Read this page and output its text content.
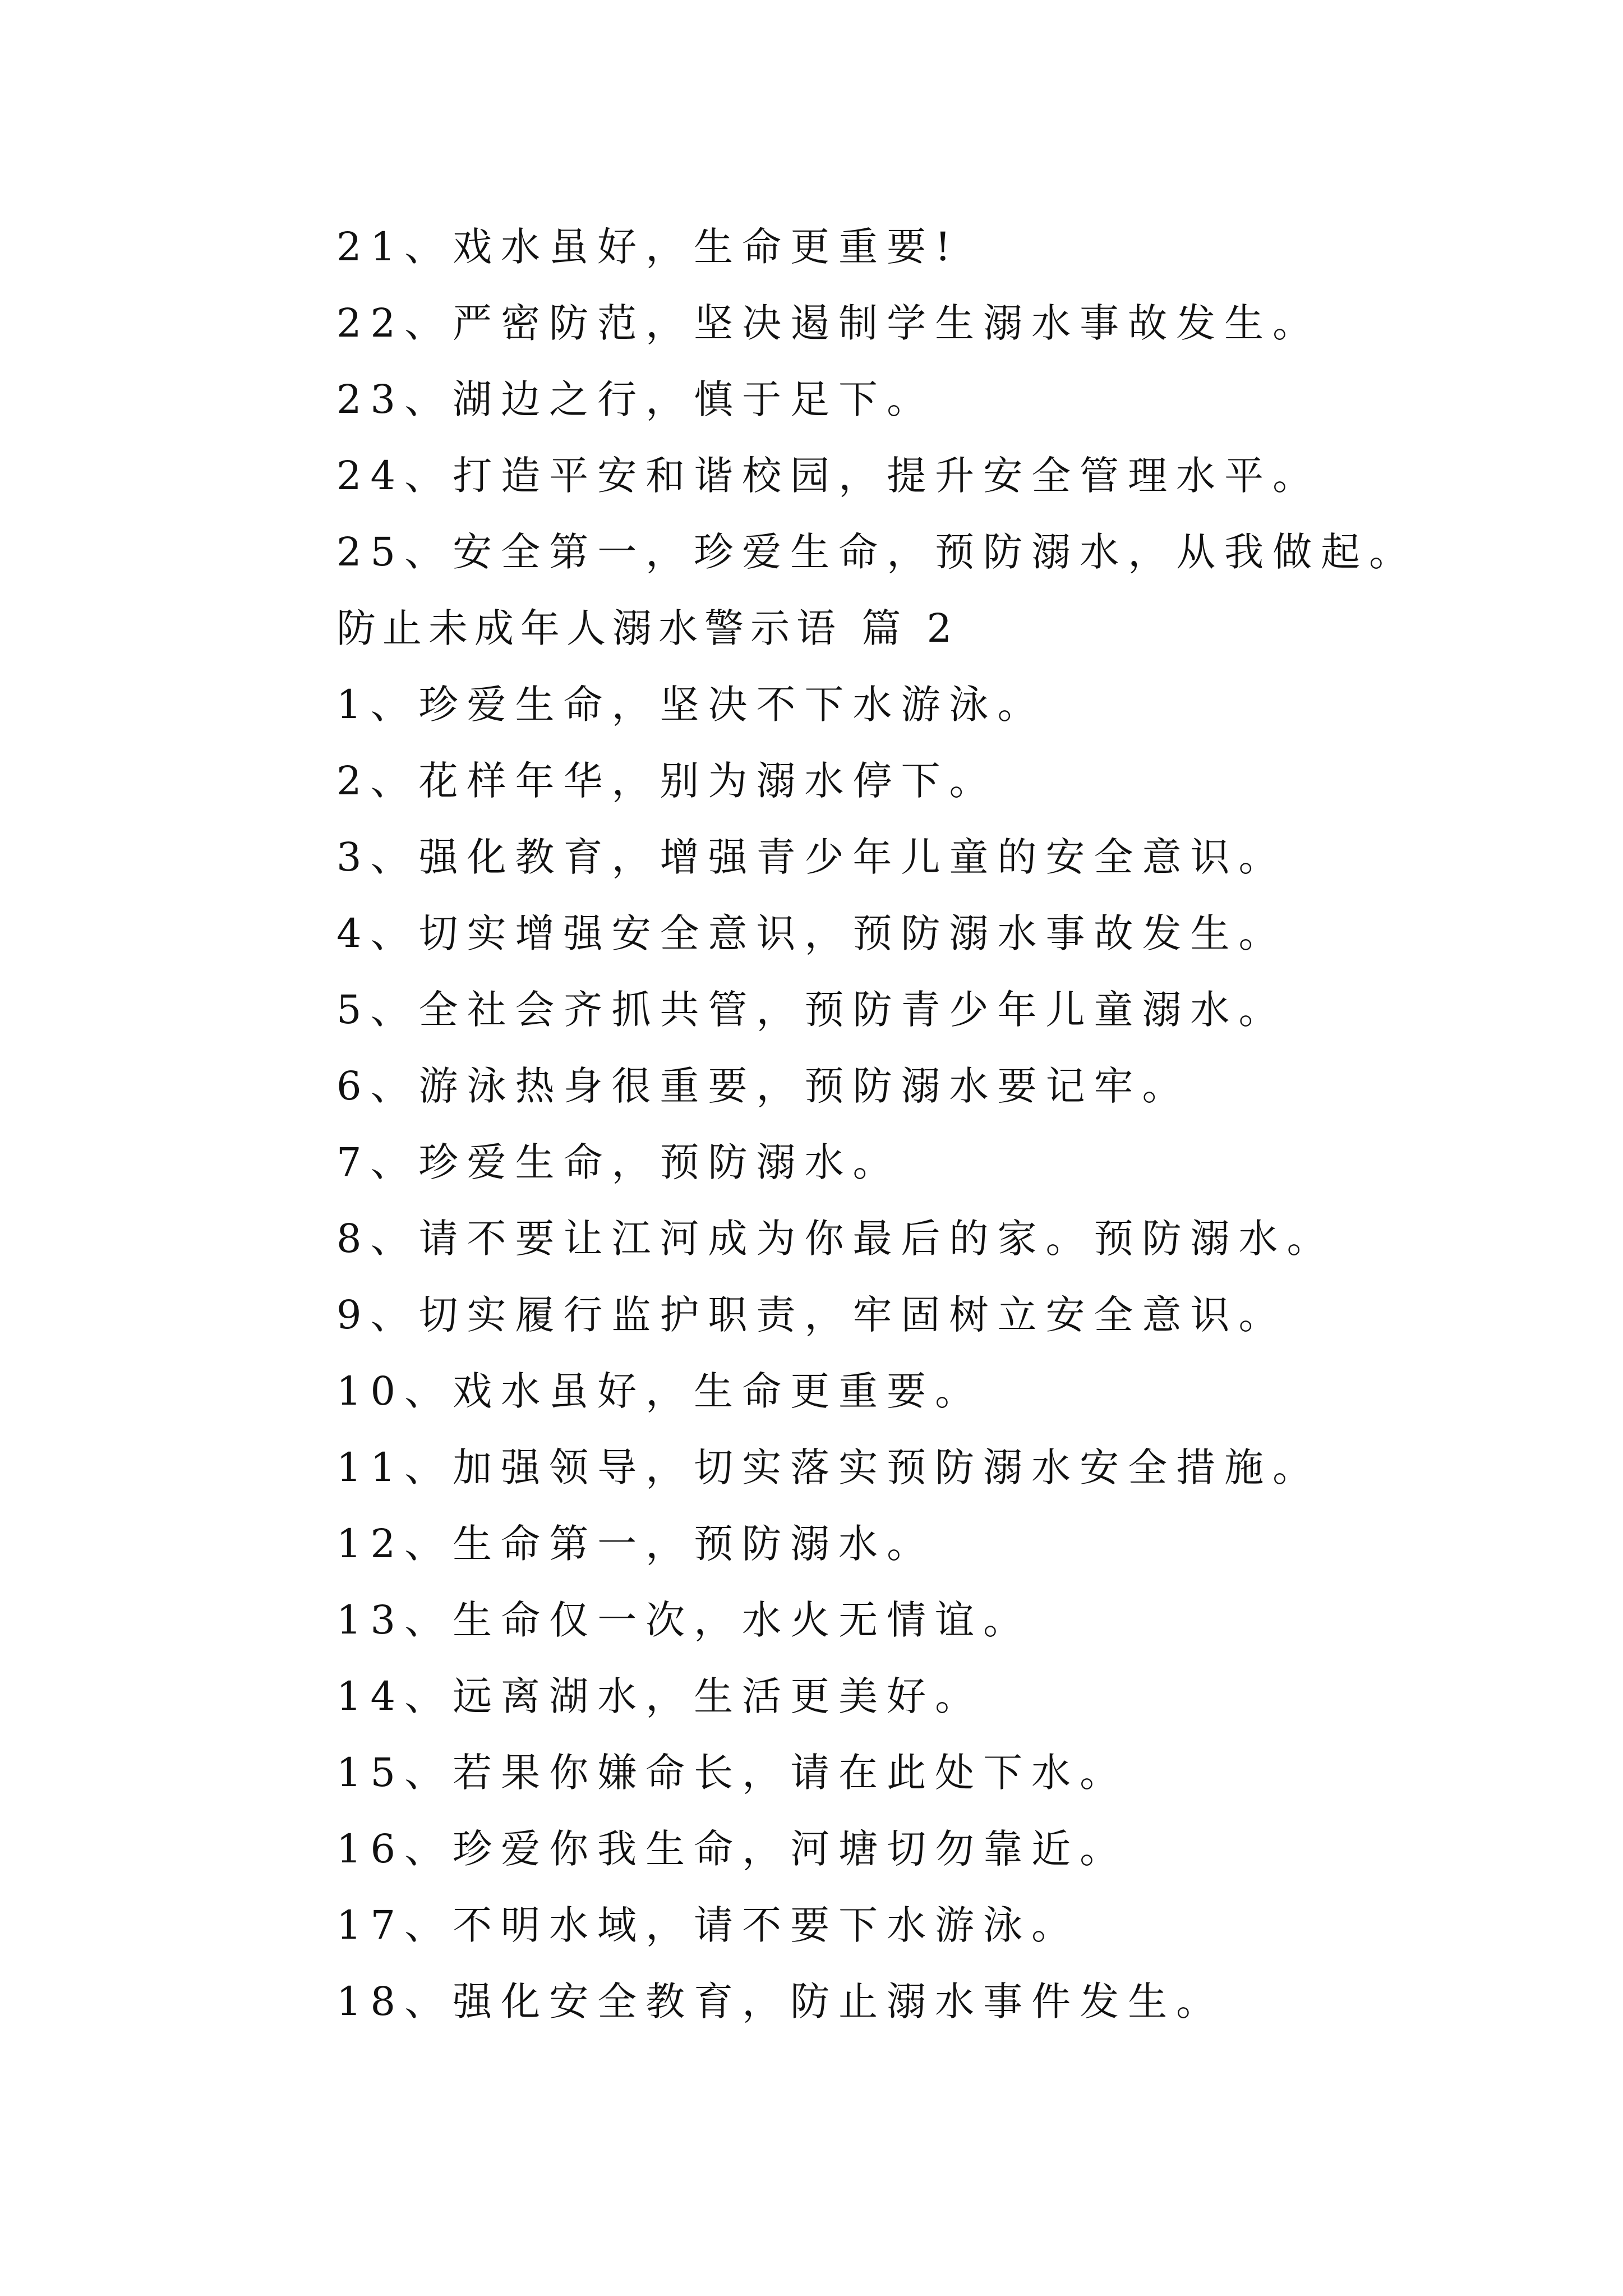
21、戏水虽好，生命更重要!
22、严密防范，坚决遏制学生溺水事故发生。
23、湖边之行，慎于足下。
24、打造平安和谐校园，提升安全管理水平。
25、安全第一，珍爱生命，预防溺水，从我做起。
防止未成年人溺水警示语 篇 2
1、珍爱生命，坚决不下水游泳。
2、花样年华，别为溺水停下。
3、强化教育，增强青少年儿童的安全意识。
4、切实增强安全意识，预防溺水事故发生。
5、全社会齐抓共管，预防青少年儿童溺水。
6、游泳热身很重要，预防溺水要记牢。
7、珍爱生命，预防溺水。
8、请不要让江河成为你最后的家。预防溺水。
9、切实履行监护职责，牢固树立安全意识。
10、戏水虽好，生命更重要。
11、加强领导，切实落实预防溺水安全措施。
12、生命第一，预防溺水。
13、生命仅一次，水火无情谊。
14、远离湖水，生活更美好。
15、若果你嫌命长，请在此处下水。
16、珍爱你我生命，河塘切勿靠近。
17、不明水域，请不要下水游泳。
18、强化安全教育，防止溺水事件发生。
